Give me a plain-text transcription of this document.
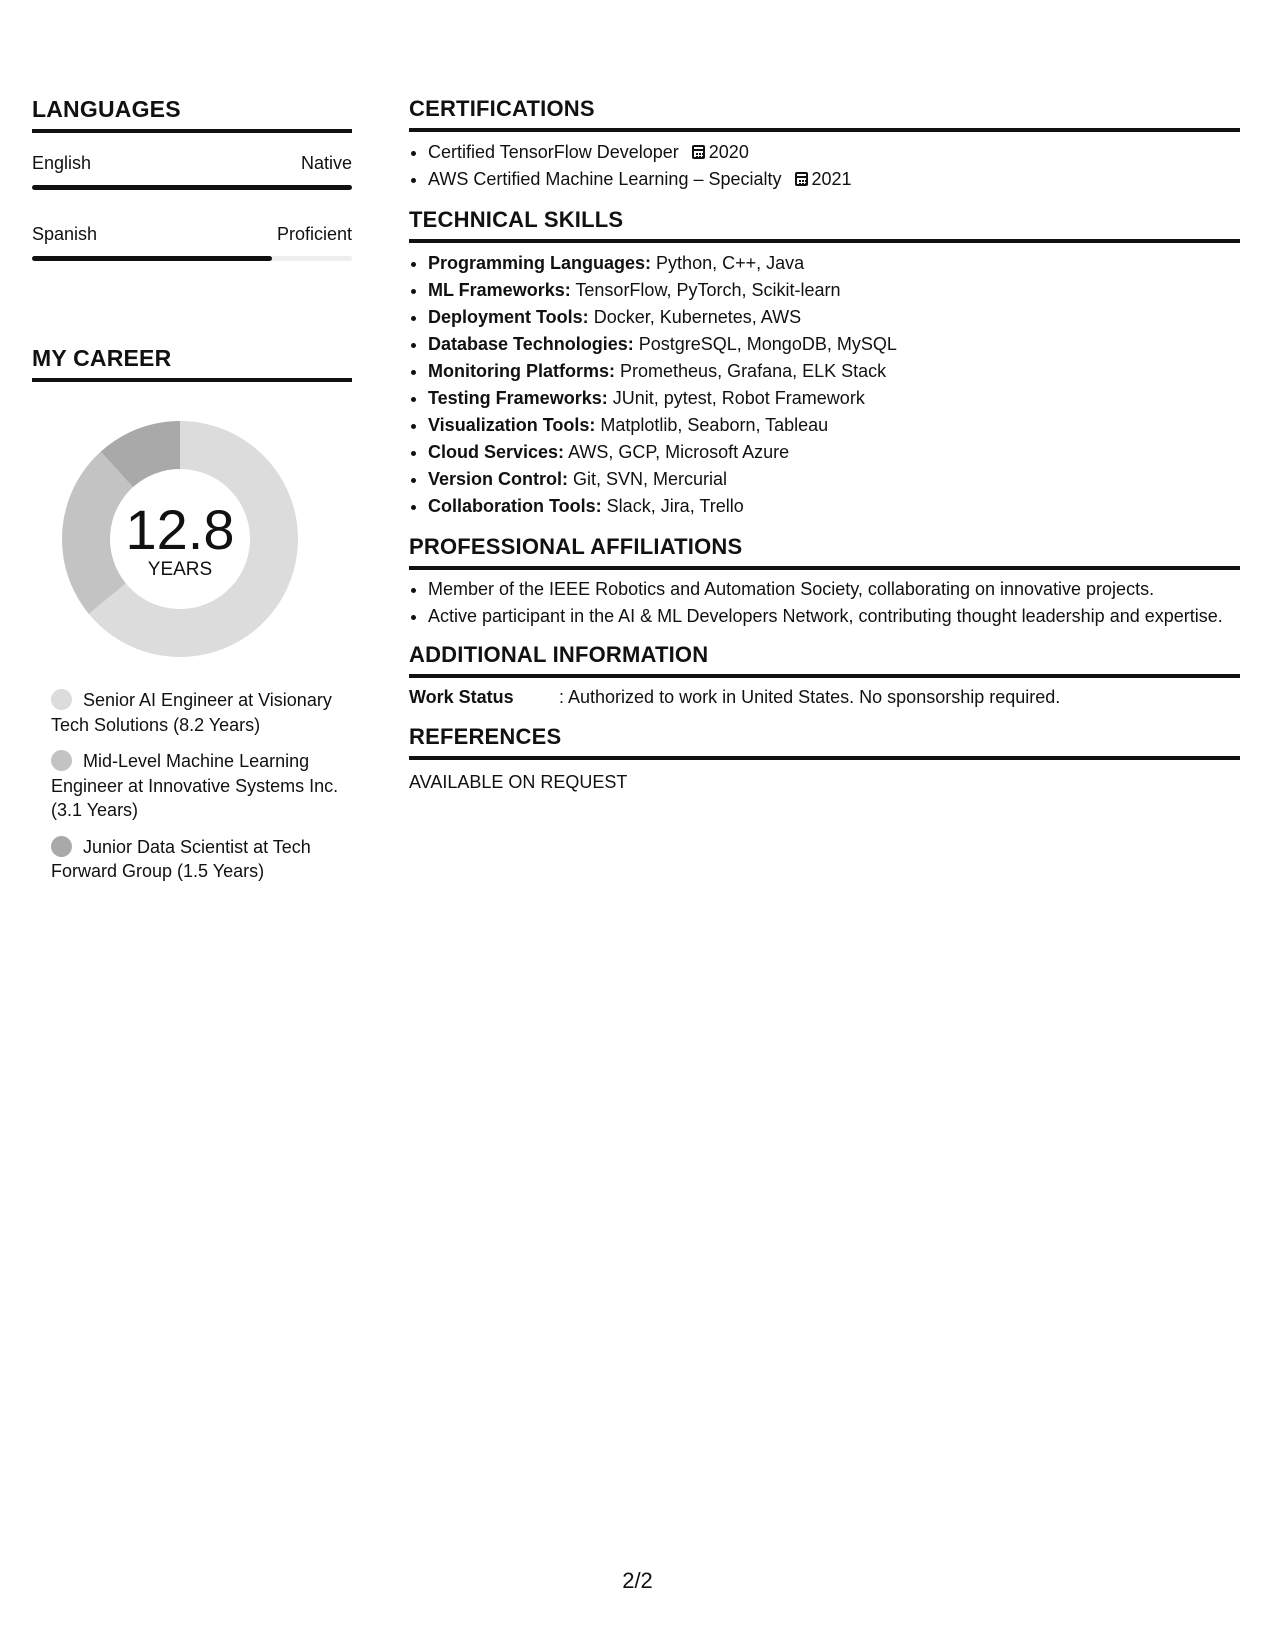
LANGUAGES
English	Native
Spanish	Proficient
MY CAREER
12.8
YEARS
Senior AI Engineer at Visionary Tech Solutions (8.2 Years)
Mid-Level Machine Learning Engineer at Innovative Systems Inc. (3.1 Years)
Junior Data Scientist at Tech Forward Group (1.5 Years)
CERTIFICATIONS
• Certified TensorFlow Developer 2020
• AWS Certified Machine Learning – Specialty 2021
TECHNICAL SKILLS
• Programming Languages: Python, C++, Java
• ML Frameworks: TensorFlow, PyTorch, Scikit-learn
• Deployment Tools: Docker, Kubernetes, AWS
• Database Technologies: PostgreSQL, MongoDB, MySQL
• Monitoring Platforms: Prometheus, Grafana, ELK Stack
• Testing Frameworks: JUnit, pytest, Robot Framework
• Visualization Tools: Matplotlib, Seaborn, Tableau
• Cloud Services: AWS, GCP, Microsoft Azure
• Version Control: Git, SVN, Mercurial
• Collaboration Tools: Slack, Jira, Trello
PROFESSIONAL AFFILIATIONS
• Member of the IEEE Robotics and Automation Society, collaborating on innovative projects.
• Active participant in the AI & ML Developers Network, contributing thought leadership and expertise.
ADDITIONAL INFORMATION
Work Status	: Authorized to work in United States. No sponsorship required.
REFERENCES
AVAILABLE ON REQUEST
2/2
